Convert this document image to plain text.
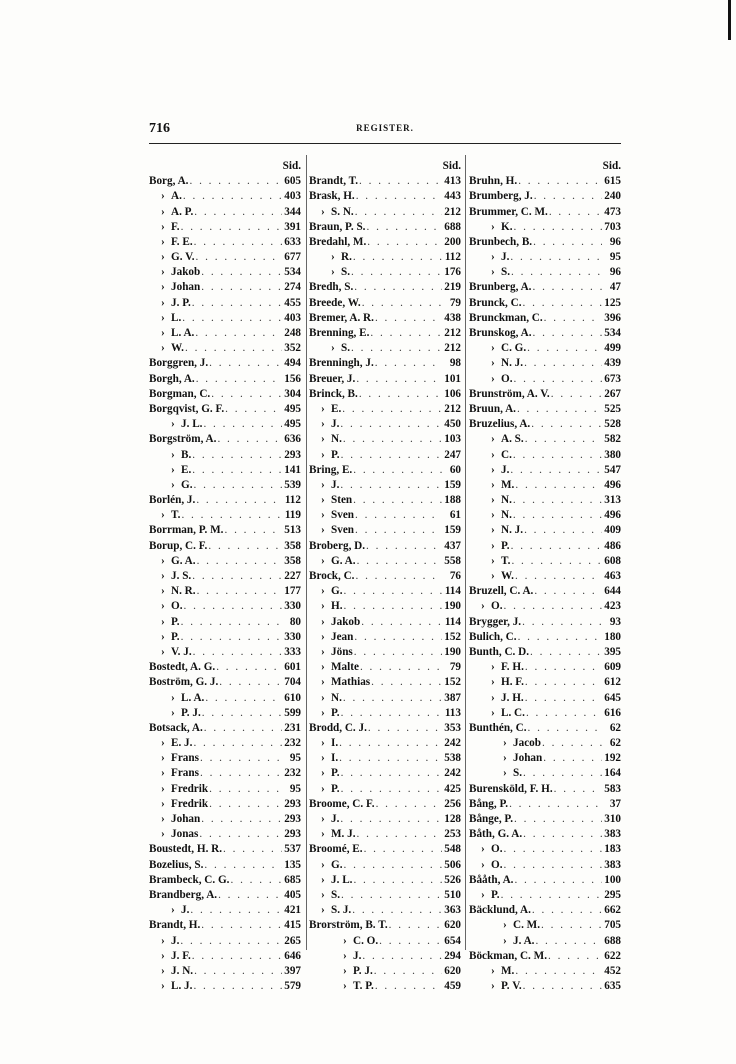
716	REGISTER.
Sid.
Borg, A. . . .	605
› A. . . .	403
› A. P. . . .	344
› F. . . .	391
› F. E. . . .	633
› G. V. . . .	677
› Jakob . . .	534
› Johan . . .	274
› J. P. . . .	455
› L. . . .	403
› L. A. . . .	248
› W. . . .	352
Borggren, J. . . .	494
Borgh, A. . . .	156
Borgman, C. . . .	304
Borgqvist, G. F. . . .	495
› J. L. . . .	495
Borgström, A. . . .	636
› B. . . .	293
› E. . . .	141
› G. . . .	539
Borlén, J. . . .	112
› T. . . .	119
Borrman, P. M. . . .	513
Borup, C. F. . . .	358
› G. A. . . .	358
› J. S. . . .	227
› N. R. . . .	177
› O. . . .	330
› P. . . .	80
› P. . . .	330
› V. J. . . .	333
Bostedt, A. G. . . .	601
Boström, G. J. . . .	704
› L. A. . . .	610
› P. J. . . .	599
Botsack, A. . . .	231
› E. J. . . .	232
› Frans . . .	95
› Frans . . .	232
› Fredrik . . .	95
› Fredrik . . .	293
› Johan . . .	293
› Jonas . . .	293
Boustedt, H. R. . . .	537
Bozelius, S. . . .	135
Brambeck, C. G. . . .	685
Brandberg, A. . . .	405
› J. . . .	421
Brandt, H. . . .	415
› J. . . .	265
› J. F. . . .	646
› J. N. . . .	397
› L. J. . . .	579
Sid.
Brandt, T. . . .	413
Brask, H. . . .	443
› S. N. . . .	212
Braun, P. S. . . .	688
Bredahl, M. . . .	200
› R. . . .	112
› S. . . .	176
Bredh, S. . . .	219
Breede, W. . . .	79
Bremer, A. R. . . .	438
Brenning, E. . . .	212
› S. . . .	212
Brenningh, J. . . .	98
Breuer, J. . . .	101
Brinck, B. . . .	106
› E. . . .	212
› J. . . .	450
› N. . . .	103
› P. . . .	247
Bring, E. . . .	60
› J. . . .	159
› Sten . . .	188
› Sven . . .	61
› Sven . . .	159
Broberg, D. . . .	437
› G. A. . . .	558
Brock, C. . . .	76
› G. . . .	114
› H. . . .	190
› Jakob . . .	114
› Jean . . .	152
› Jöns . . .	190
› Malte . . .	79
› Mathias . . .	152
› N. . . .	387
› P. . . .	113
Brodd, C. J. . . .	353
› I. . . .	242
› I. . . .	538
› P. . . .	242
› P. . . .	425
Broome, C. F. . . .	256
› J. . . .	128
› M. J. . . .	253
Broomé, E. . . .	548
› G. . . .	506
› J. L. . . .	526
› S. . . .	510
› S. J. . . .	363
Brorström, B. T. . . .	620
› C. O. . . .	654
› J. . . .	294
› P. J. . . .	620
› T. P. . . .	459
Sid.
Bruhn, H. . . .	615
Brumberg, J. . . .	240
Brummer, C. M. . . .	473
› K. . . .	703
Brunbech, B. . . .	96
› J. . . .	95
› S. . . .	96
Brunberg, A. . . .	47
Brunck, C. . . .	125
Brunckman, C. . . .	396
Brunskog, A. . . .	534
› C. G. . . .	499
› N. J. . . .	439
› O. . . .	673
Brunström, A. V. . . .	267
Bruun, A. . . .	525
Bruzelius, A. . . .	528
› A. S. . . .	582
› C. . . .	380
› J. . . .	547
› M. . . .	496
› N. . . .	313
› N. . . .	496
› N. J. . . .	409
› P. . . .	486
› T. . . .	608
› W. . . .	463
Bruzell, C. A. . . .	644
› O. . . .	423
Brygger, J. . . .	93
Bulich, C. . . .	180
Bunth, C. D. . . .	395
› F. H. . . .	609
› H. F. . . .	612
› J. H. . . .	645
› L. C. . . .	616
Bunthén, C. . . .	62
› Jacob . . .	62
› Johan . . .	192
› S. . . .	164
Burensköld, F. H. . . .	583
Bång, P. . . .	37
Bånge, P. . . .	310
Båth, G. A. . . .	383
› O. . . .	183
› O. . . .	383
Bååth, A. . . .	100
› P. . . .	295
Bäcklund, A. . . .	662
› C. M. . . .	705
› J. A. . . .	688
Böckman, C. M. . . .	622
› M. . . .	452
› P. V. . . .	635
